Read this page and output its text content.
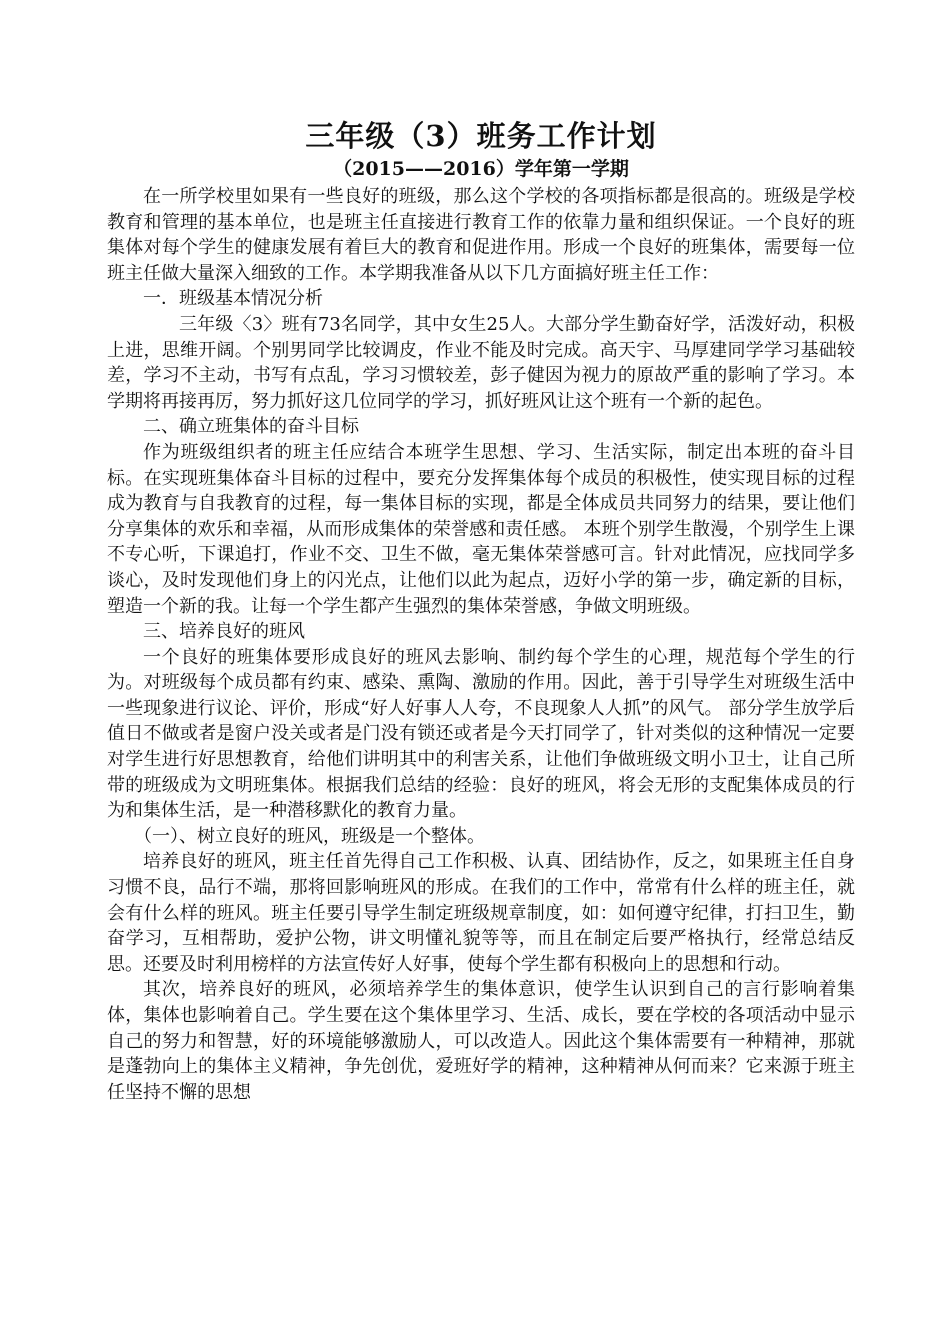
三年级（3）班务工作计划
（2015——2016）学年第一学期

在一所学校里如果有一些良好的班级，那么这个学校的各项指标都是很高的。班级是学校教育和管理的基本单位，也是班主任直接进行教育工作的依靠力量和组织保证。一个良好的班集体对每个学生的健康发展有着巨大的教育和促进作用。形成一个良好的班集体，需要每一位班主任做大量深入细致的工作。本学期我准备从以下几方面搞好班主任工作：

一．班级基本情况分析

三年级〈3〉班有73名同学，其中女生25人。大部分学生勤奋好学，活泼好动，积极上进，思维开阔。个别男同学比较调皮，作业不能及时完成。高天宇、马厚建同学学习基础较差，学习不主动，书写有点乱，学习习惯较差，彭子健因为视力的原故严重的影响了学习。本学期将再接再厉，努力抓好这几位同学的学习，抓好班风让这个班有一个新的起色。

二、确立班集体的奋斗目标

作为班级组织者的班主任应结合本班学生思想、学习、生活实际，制定出本班的奋斗目标。在实现班集体奋斗目标的过程中，要充分发挥集体每个成员的积极性，使实现目标的过程成为教育与自我教育的过程，每一集体目标的实现，都是全体成员共同努力的结果，要让他们分享集体的欢乐和幸福，从而形成集体的荣誉感和责任感。 本班个别学生散漫，个别学生上课不专心听，下课追打，作业不交、卫生不做，毫无集体荣誉感可言。针对此情况，应找同学多谈心，及时发现他们身上的闪光点，让他们以此为起点，迈好小学的第一步，确定新的目标，塑造一个新的我。让每一个学生都产生强烈的集体荣誉感，争做文明班级。

三、培养良好的班风

一个良好的班集体要形成良好的班风去影响、制约每个学生的心理，规范每个学生的行为。对班级每个成员都有约束、感染、熏陶、激励的作用。因此，善于引导学生对班级生活中一些现象进行议论、评价，形成“好人好事人人夸，不良现象人人抓”的风气。 部分学生放学后值日不做或者是窗户没关或者是门没有锁还或者是今天打同学了，针对类似的这种情况一定要对学生进行好思想教育，给他们讲明其中的利害关系，让他们争做班级文明小卫士，让自己所带的班级成为文明班集体。根据我们总结的经验：良好的班风，将会无形的支配集体成员的行为和集体生活，是一种潜移默化的教育力量。

（一）、树立良好的班风，班级是一个整体。

培养良好的班风，班主任首先得自己工作积极、认真、团结协作，反之，如果班主任自身习惯不良，品行不端，那将回影响班风的形成。在我们的工作中，常常有什么样的班主任，就会有什么样的班风。班主任要引导学生制定班级规章制度，如：如何遵守纪律，打扫卫生，勤奋学习，互相帮助，爱护公物，讲文明懂礼貌等等，而且在制定后要严格执行，经常总结反思。还要及时利用榜样的方法宣传好人好事，使每个学生都有积极向上的思想和行动。

其次，培养良好的班风，必须培养学生的集体意识，使学生认识到自己的言行影响着集体，集体也影响着自己。学生要在这个集体里学习、生活、成长，要在学校的各项活动中显示自己的努力和智慧，好的环境能够激励人，可以改造人。因此这个集体需要有一种精神，那就是蓬勃向上的集体主义精神，争先创优，爱班好学的精神，这种精神从何而来？它来源于班主任坚持不懈的思想
